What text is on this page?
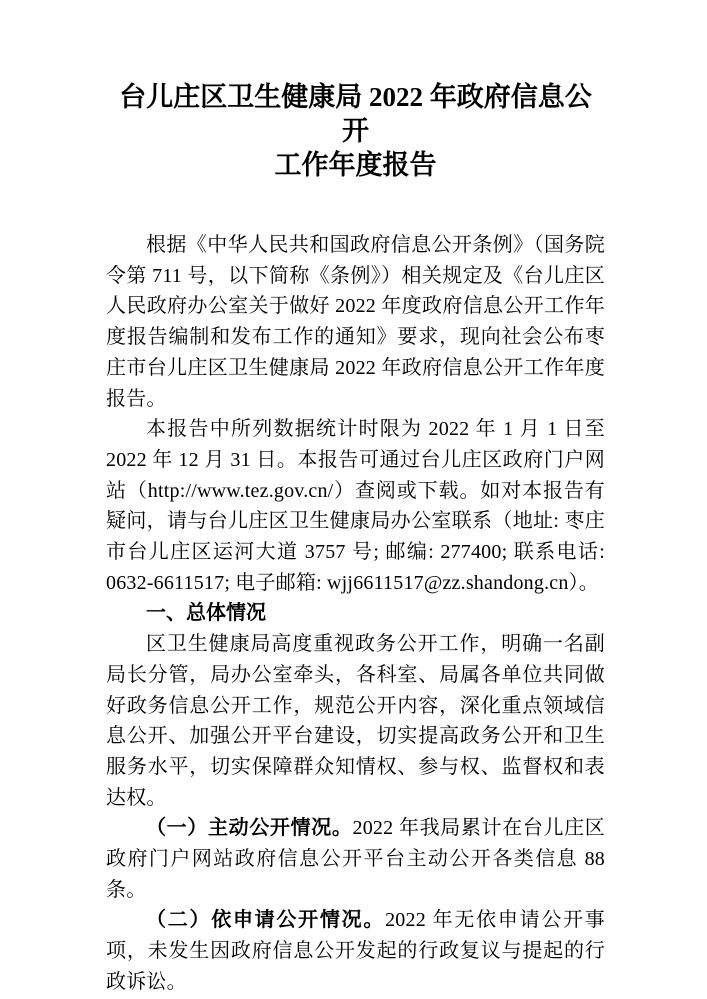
台儿庄区卫生健康局 2022 年政府信息公开
工作年度报告

根据《中华人民共和国政府信息公开条例》（国务院令第 711 号，以下简称《条例》）相关规定及《台儿庄区人民政府办公室关于做好 2022 年度政府信息公开工作年度报告编制和发布工作的通知》要求，现向社会公布枣庄市台儿庄区卫生健康局 2022 年政府信息公开工作年度报告。

本报告中所列数据统计时限为 2022 年 1 月 1 日至 2022 年 12 月 31 日。本报告可通过台儿庄区政府门户网站（http://www.tez.gov.cn/）查阅或下载。如对本报告有疑问，请与台儿庄区卫生健康局办公室联系（地址: 枣庄市台儿庄区运河大道 3757 号; 邮编: 277400; 联系电话: 0632-6611517; 电子邮箱: wjj6611517@zz.shandong.cn）。

一、总体情况

区卫生健康局高度重视政务公开工作，明确一名副局长分管，局办公室牵头，各科室、局属各单位共同做好政务信息公开工作，规范公开内容，深化重点领域信息公开、加强公开平台建设，切实提高政务公开和卫生服务水平，切实保障群众知情权、参与权、监督权和表达权。

（一）主动公开情况。2022 年我局累计在台儿庄区政府门户网站政府信息公开平台主动公开各类信息 88 条。

（二）依申请公开情况。2022 年无依申请公开事项，未发生因政府信息公开发起的行政复议与提起的行政诉讼。
